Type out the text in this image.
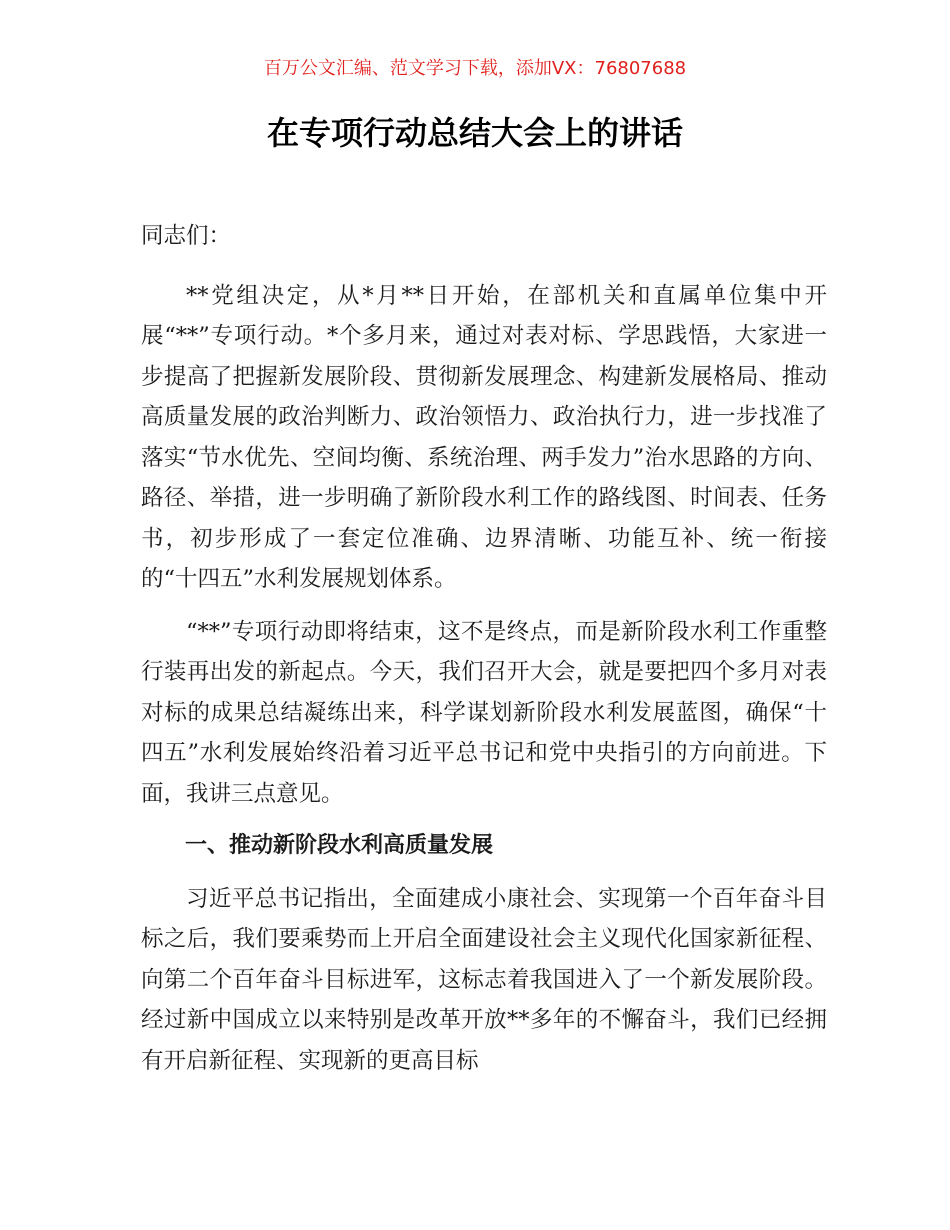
百万公文汇编、范文学习下载，添加VX：76807688
在专项行动总结大会上的讲话

同志们：

**党组决定，从*月**日开始，在部机关和直属单位集中开展“**”专项行动。*个多月来，通过对表对标、学思践悟，大家进一步提高了把握新发展阶段、贯彻新发展理念、构建新发展格局、推动高质量发展的政治判断力、政治领悟力、政治执行力，进一步找准了落实“节水优先、空间均衡、系统治理、两手发力”治水思路的方向、路径、举措，进一步明确了新阶段水利工作的路线图、时间表、任务书，初步形成了一套定位准确、边界清晰、功能互补、统一衔接的“十四五”水利发展规划体系。

“**”专项行动即将结束，这不是终点，而是新阶段水利工作重整行装再出发的新起点。今天，我们召开大会，就是要把四个多月对表对标的成果总结凝练出来，科学谋划新阶段水利发展蓝图，确保“十四五”水利发展始终沿着习近平总书记和党中央指引的方向前进。下面，我讲三点意见。

一、推动新阶段水利高质量发展

习近平总书记指出，全面建成小康社会、实现第一个百年奋斗目标之后，我们要乘势而上开启全面建设社会主义现代化国家新征程、向第二个百年奋斗目标进军，这标志着我国进入了一个新发展阶段。经过新中国成立以来特别是改革开放**多年的不懈奋斗，我们已经拥有开启新征程、实现新的更高目标
